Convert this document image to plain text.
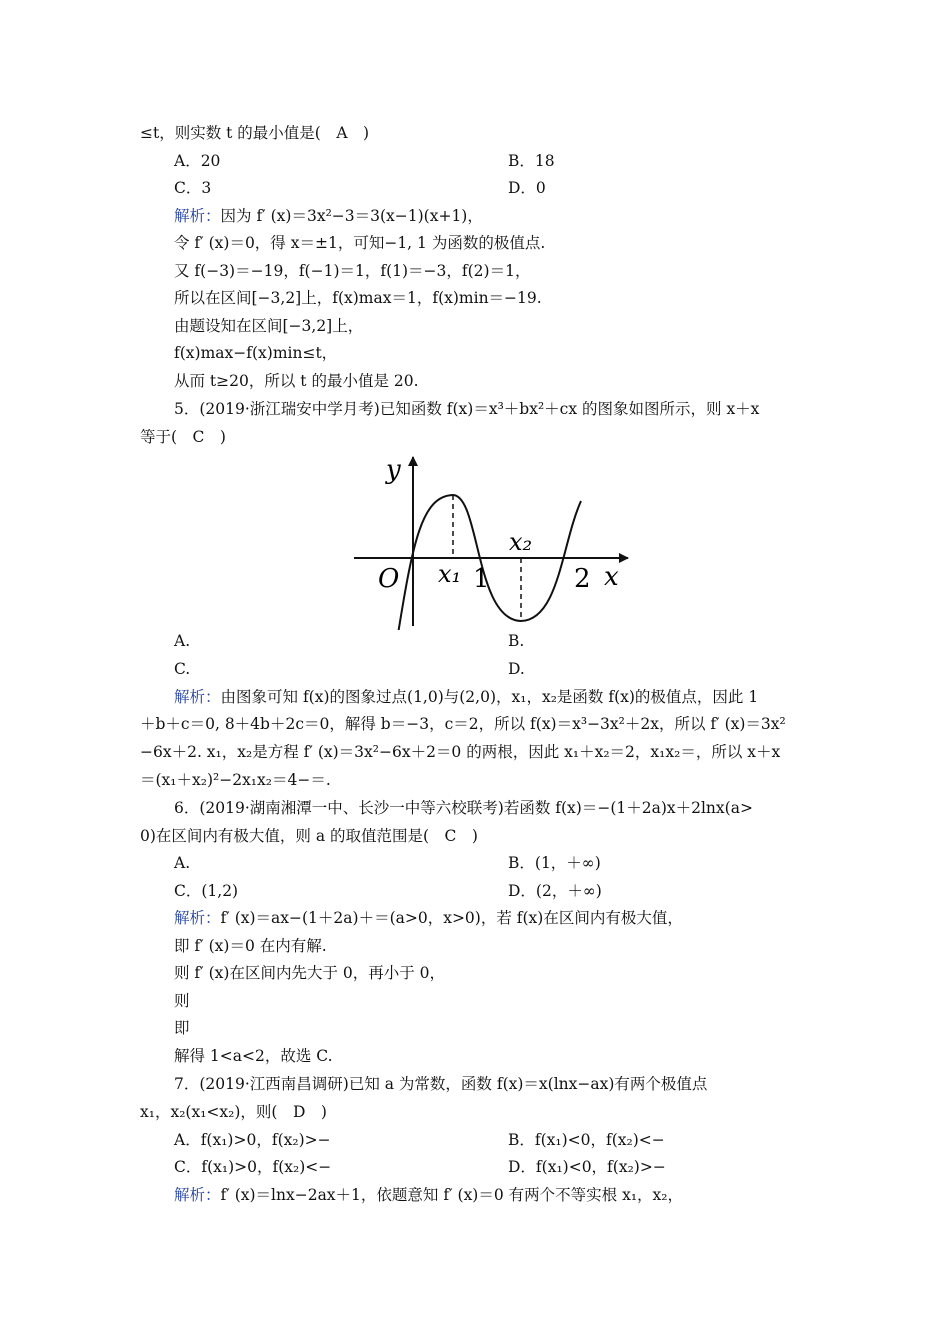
≤t，则实数 t 的最小值是(　A　)
A．20	B．18
C．3	D．0
解析：因为 f′ (x)＝3x²−3＝3(x−1)(x+1)，
令 f′ (x)＝0，得 x＝±1，可知−1, 1 为函数的极值点.
又 f(−3)＝−19，f(−1)＝1，f(1)＝−3，f(2)＝1，
所以在区间[−3,2]上，f(x)max＝1，f(x)min＝−19.
由题设知在区间[−3,2]上，
f(x)max−f(x)min≤t，
从而 t≥20，所以 t 的最小值是 20.
5．(2019·浙江瑞安中学月考)已知函数 f(x)＝x³＋bx²＋cx 的图象如图所示，则 x＋x
等于(　C　)
y
x
O x₁
x₂
1	2
A.	B.
C.	D.
解析：由图象可知 f(x)的图象过点(1,0)与(2,0)，x₁，x₂是函数 f(x)的极值点，因此 1
＋b＋c＝0, 8＋4b＋2c＝0，解得 b＝−3，c＝2，所以 f(x)＝x³−3x²＋2x，所以 f′ (x)＝3x²
−6x＋2. x₁，x₂是方程 f′ (x)＝3x²−6x＋2＝0 的两根，因此 x₁＋x₂＝2，x₁x₂＝，所以 x＋x
＝(x₁＋x₂)²−2x₁x₂＝4−＝.
6．(2019·湖南湘潭一中、长沙一中等六校联考)若函数 f(x)＝−(1＋2a)x＋2lnx(a>
0)在区间内有极大值，则 a 的取值范围是(　C　)
A.	B．(1，＋∞)
C．(1,2)	D．(2，＋∞)
解析：f′ (x)＝ax−(1＋2a)＋＝(a>0，x>0)，若 f(x)在区间内有极大值，
即 f′ (x)＝0 在内有解.
则 f′ (x)在区间内先大于 0，再小于 0，
则
即
解得 1<a<2，故选 C.
7．(2019·江西南昌调研)已知 a 为常数，函数 f(x)＝x(lnx−ax)有两个极值点
x₁，x₂(x₁<x₂)，则(　D　)
A．f(x₁)>0，f(x₂)>−	B．f(x₁)<0，f(x₂)<−
C．f(x₁)>0，f(x₂)<−	D．f(x₁)<0，f(x₂)>−
解析：f′ (x)＝lnx−2ax＋1，依题意知 f′ (x)＝0 有两个不等实根 x₁，x₂，
